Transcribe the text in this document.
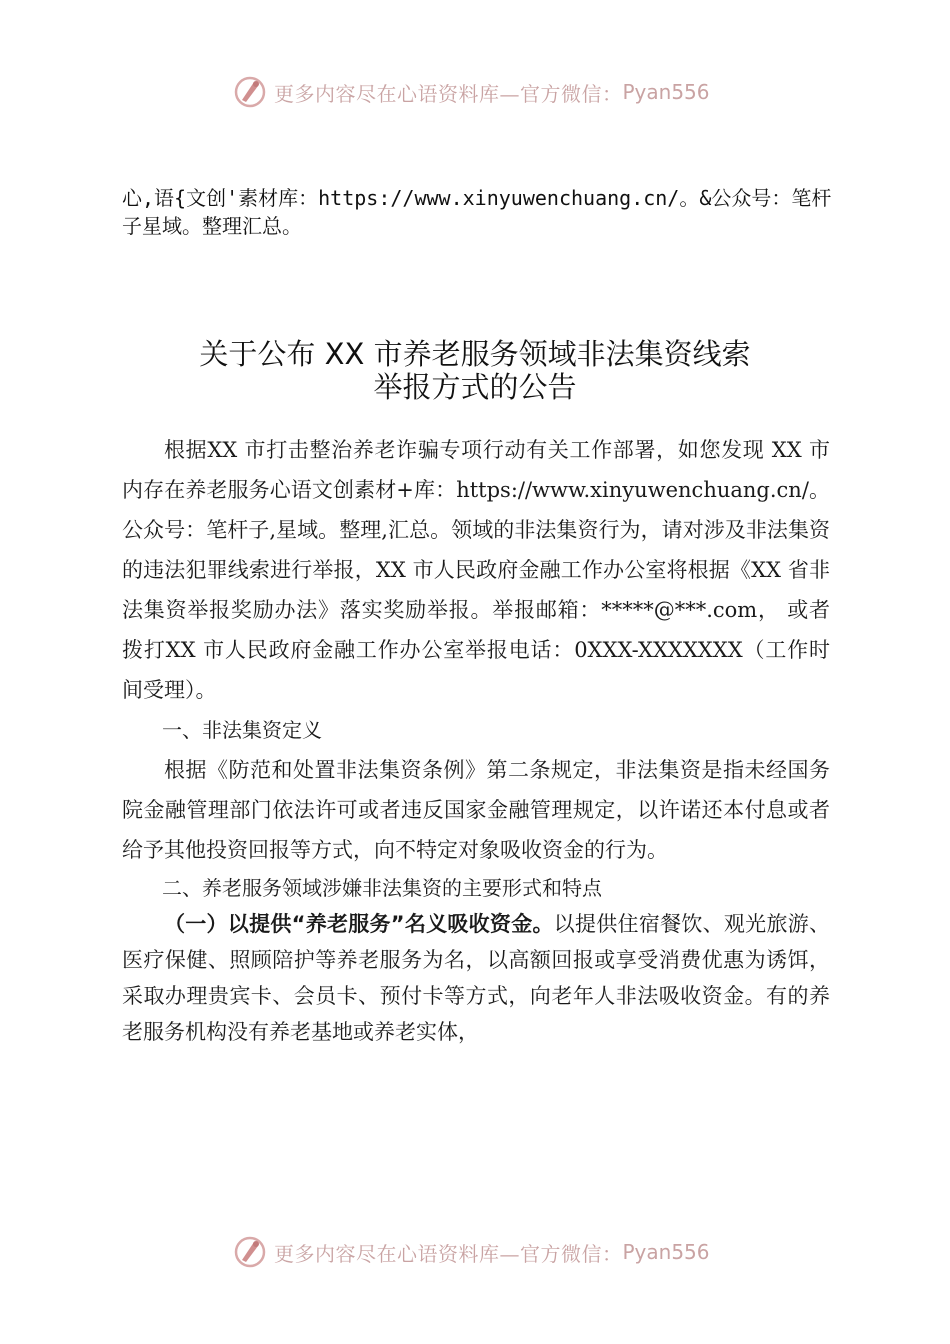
更多内容尽在心语资料库—官方微信： Pyan556
心,语{文创'素材库：https://www.xinyuwenchuang.cn/。&公众号：笔杆子星域。整理汇总。
关于公布 XX 市养老服务领域非法集资线索
举报方式的公告

根据XX 市打击整治养老诈骗专项行动有关工作部署，如您发现 XX 市内存在养老服务心语文创素材+库：https://www.xinyuwenchuang.cn/。公众号：笔杆子,星域。整理,汇总。领域的非法集资行为，请对涉及非法集资的违法犯罪线索进行举报，XX 市人民政府金融工作办公室将根据《XX 省非法集资举报奖励办法》落实奖励举报。举报邮箱：*****@***.com， 或者拨打XX 市人民政府金融工作办公室举报电话：0XXX-XXXXXXX（工作时间受理）。

一、非法集资定义

根据《防范和处置非法集资条例》第二条规定，非法集资是指未经国务院金融管理部门依法许可或者违反国家金融管理规定，以许诺还本付息或者给予其他投资回报等方式，向不特定对象吸收资金的行为。

二、养老服务领域涉嫌非法集资的主要形式和特点

（一）以提供“养老服务”名义吸收资金。以提供住宿餐饮、观光旅游、医疗保健、照顾陪护等养老服务为名，以高额回报或享受消费优惠为诱饵，采取办理贵宾卡、会员卡、预付卡等方式，向老年人非法吸收资金。有的养老服务机构没有养老基地或养老实体，

更多内容尽在心语资料库—官方微信： Pyan556
